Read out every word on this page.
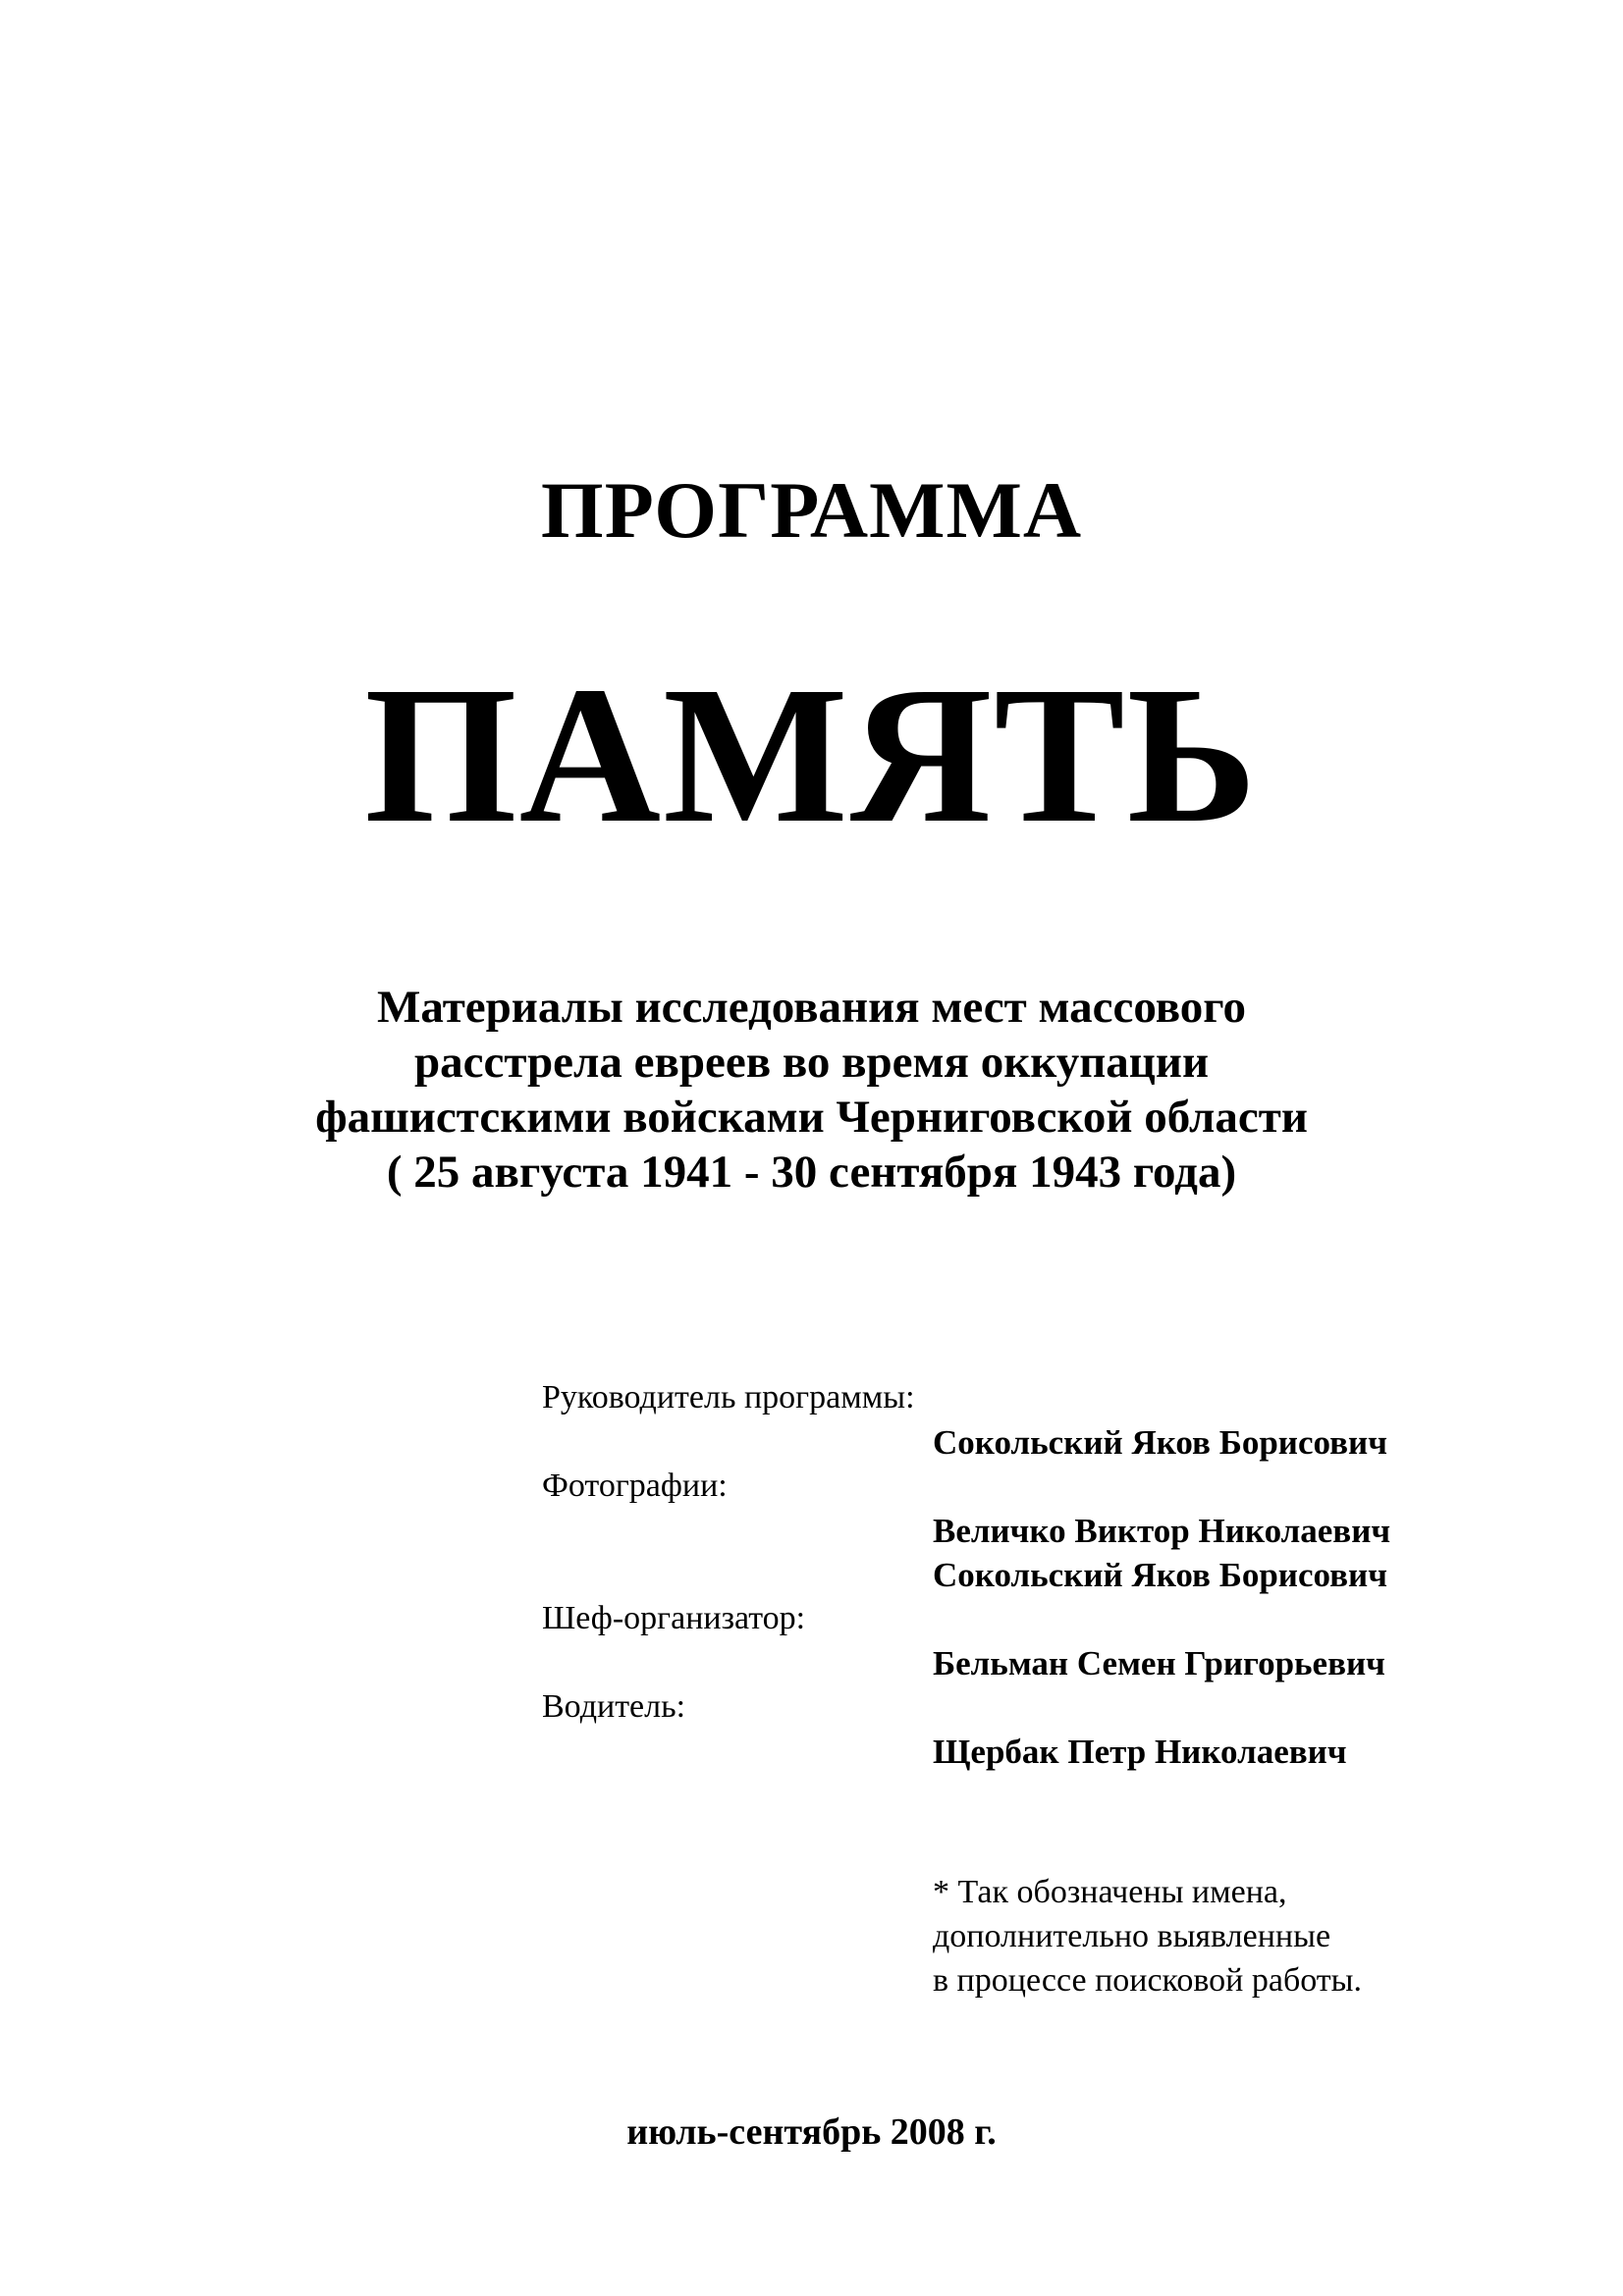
ПРОГРАММА
ПАМЯТЬ
Материалы исследования мест массового
расстрела евреев во время оккупации
фашистскими войсками Черниговской области
( 25 августа 1941 - 30 сентября 1943 года)
Руководитель программы:
Сокольский Яков Борисович
Фотографии:
Величко Виктор Николаевич
Сокольский Яков Борисович
Шеф-организатор:
Бельман Семен Григорьевич
Водитель:
Щербак Петр Николаевич
* Так обозначены имена,
дополнительно выявленные
в процессе поисковой работы.
июль-сентябрь 2008 г.
